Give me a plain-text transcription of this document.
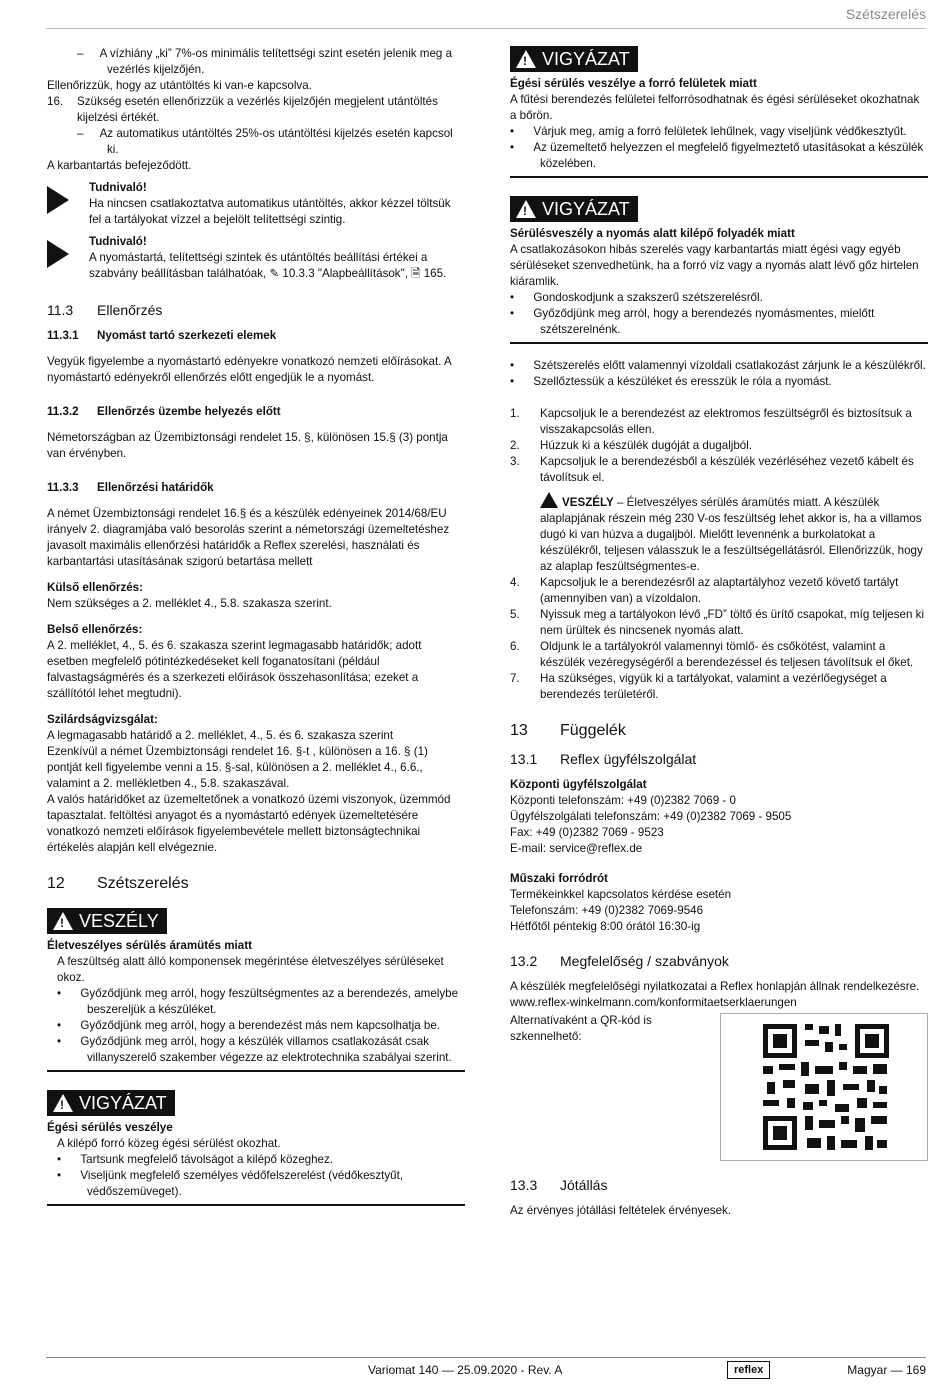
Szétszerelés

–     A vízhiány „ki” 7%-os minimális telítettségi szint esetén jelenik meg a vezérlés kijelzőjén.

Ellenőrizzük, hogy az utántöltés ki van-e kapcsolva.

16. Szükség esetén ellenőrizzük a vezérlés kijelzőjén megjelent utántöltés kijelzési értékét.

–     Az automatikus utántöltés 25%-os utántöltési kijelzés esetén kapcsol ki.

A karbantartás befejeződött.

Tudnivaló!

Ha nincsen csatlakoztatva automatikus utántöltés, akkor kézzel töltsük fel a tartályokat vízzel a bejelölt telítettségi szintig.

Tudnivaló!

A nyomástartá, telítettségi szintek és utántöltés beállítási értékei a szabvány beállításban találhatóak, ✎ 10.3.3 "Alapbeállítások", 🗎 165.

11.3 Ellenőrzés
11.3.1 Nyomást tartó szerkezeti elemek

Vegyük figyelembe a nyomástartó edényekre vonatkozó nemzeti előírásokat. A nyomástartó edényekről ellenőrzés előtt engedjük le a nyomást.

11.3.2 Ellenőrzés üzembe helyezés előtt

Németországban az Üzembiztonsági rendelet 15. §, különösen 15.§ (3) pontja van érvényben.

11.3.3 Ellenőrzési határidők

A német Üzembiztonsági rendelet 16.§ és a készülék edényeinek 2014/68/EU irányelv 2. diagramjába való besorolás szerint a németországi üzemeltetéshez javasolt maximális ellenőrzési határidők a Reflex szerelési, használati és karbantartási utasításának szigorú betartása mellett

Külső ellenőrzés:

Nem szükséges a 2. melléklet 4., 5.8. szakasza szerint.

Belső ellenőrzés:

A 2. melléklet, 4., 5. és 6. szakasza szerint legmagasabb határidők; adott esetben megfelelő pótintézkedéseket kell foganatosítani (például falvastagságmérés és a szerkezeti előírások összehasonlítása; ezeket a szállítótól lehet megtudni).

Szilárdságvizsgálat:

A legmagasabb határidő a 2. melléklet, 4., 5. és 6. szakasza szerint

Ezenkívül a német Üzembiztonsági rendelet 16. §-t , különösen a 16. § (1) pontját kell figyelembe venni a 15. §-sal, különösen a 2. melléklet 4., 6.6., valamint a 2. mellékletben 4., 5.8. szakaszával.

A valós határidőket az üzemeltetőnek a vonatkozó üzemi viszonyok, üzemmód tapasztalat. feltöltési anyagot és a nyomástartó edények üzemeltetésére vonatkozó nemzeti előírások figyelembevétele mellett biztonságtechnikai értékelés alapján kell elvégeznie.

12 Szétszerelés
!
VESZÉLY

Életveszélyes sérülés áramütés miatt

A feszültség alatt álló komponensek megérintése életveszélyes sérüléseket okoz.

•      Győződjünk meg arról, hogy feszültségmentes az a berendezés, amelybe beszereljük a készüléket.

•      Győződjünk meg arról, hogy a berendezést más nem kapcsolhatja be.

•      Győződjünk meg arról, hogy a készülék villamos csatlakozását csak villanyszerelő szakember végezze az elektrotechnika szabályai szerint.

!
VIGYÁZAT

Égési sérülés veszélye

A kilépő forró közeg égési sérülést okozhat.

•      Tartsunk megfelelő távolságot a kilépő közeghez.

•      Viseljünk megfelelő személyes védőfelszerelést (védőkesztyűt, védőszemüveget).

!
VIGYÁZAT

Égési sérülés veszélye a forró felületek miatt

A fűtési berendezés felületei felforrósodhatnak és égési sérüléseket okozhatnak a bőrön.

•      Várjuk meg, amíg a forró felületek lehűlnek, vagy viseljünk védőkesztyűt.

•      Az üzemeltető helyezzen el megfelelő figyelmeztető utasításokat a készülék közelében.

!
VIGYÁZAT

Sérülésveszély a nyomás alatt kilépő folyadék miatt

A csatlakozásokon hibás szerelés vagy karbantartás miatt égési vagy egyéb sérüléseket szenvedhetünk, ha a forró víz vagy a nyomás alatt lévő gőz hirtelen kiáramlik.

•      Gondoskodjunk a szakszerű szétszerelésről.

•      Győződjünk meg arról, hogy a berendezés nyomásmentes, mielőtt szétszerelnénk.

•      Szétszerelés előtt valamennyi vízoldali csatlakozást zárjunk le a készülékről.

•      Szellőztessük a készüléket és eresszük le róla a nyomást.

1. Kapcsoljuk le a berendezést az elektromos feszültségről és biztosítsuk a visszakapcsolás ellen.

2. Húzzuk ki a készülék dugóját a dugaljból.

3. Kapcsoljuk le a berendezésből a készülék vezérléséhez vezető kábelt és távolítsuk el.

VESZÉLY – Életveszélyes sérülés áramütés miatt. A készülék alaplapjának részein még 230 V-os feszültség lehet akkor is, ha a villamos dugó ki van húzva a dugaljból. Mielőtt levennénk a burkolatokat a készülékről, teljesen válasszuk le a feszültségellátásról. Ellenőrizzük, hogy az alaplap feszültségmentes-e.

4. Kapcsoljuk le a berendezésről az alaptartályhoz vezető követő tartályt (amennyiben van) a vízoldalon.

5. Nyissuk meg a tartályokon lévő „FD” töltő és ürítő csapokat, míg teljesen ki nem ürültek és nincsenek nyomás alatt.

6. Oldjunk le a tartályokról valamennyi tömlő- és csőkötést, valamint a készülék vezéregységéről a berendezéssel és teljesen távolítsuk el őket.

7. Ha szükséges, vigyük ki a tartályokat, valamint a vezérlőegységet a berendezés területéről.

13 Függelék
13.1 Reflex ügyfélszolgálat

Központi ügyfélszolgálat

Központi telefonszám: +49 (0)2382 7069 - 0

Ügyfélszolgálati telefonszám: +49 (0)2382 7069 - 9505

Fax: +49 (0)2382 7069 - 9523

E-mail: service@reflex.de

Műszaki forródrót

Termékeinkkel kapcsolatos kérdése esetén

Telefonszám: +49 (0)2382 7069-9546

Hétfőtől péntekig 8:00 órától 16:30-ig

13.2 Megfelelőség / szabványok

A készülék megfelelőségi nyilatkozatai a Reflex honlapján állnak rendelkezésre.

www.reflex-winkelmann.com/konformitaetserklaerungen

Alternatívaként a QR-kód is szkennelhető:

13.3 Jótállás

Az érvényes jótállási feltételek érvényesek.

Variomat 140 — 25.09.2020 - Rev. A	reflex	Magyar — 169
